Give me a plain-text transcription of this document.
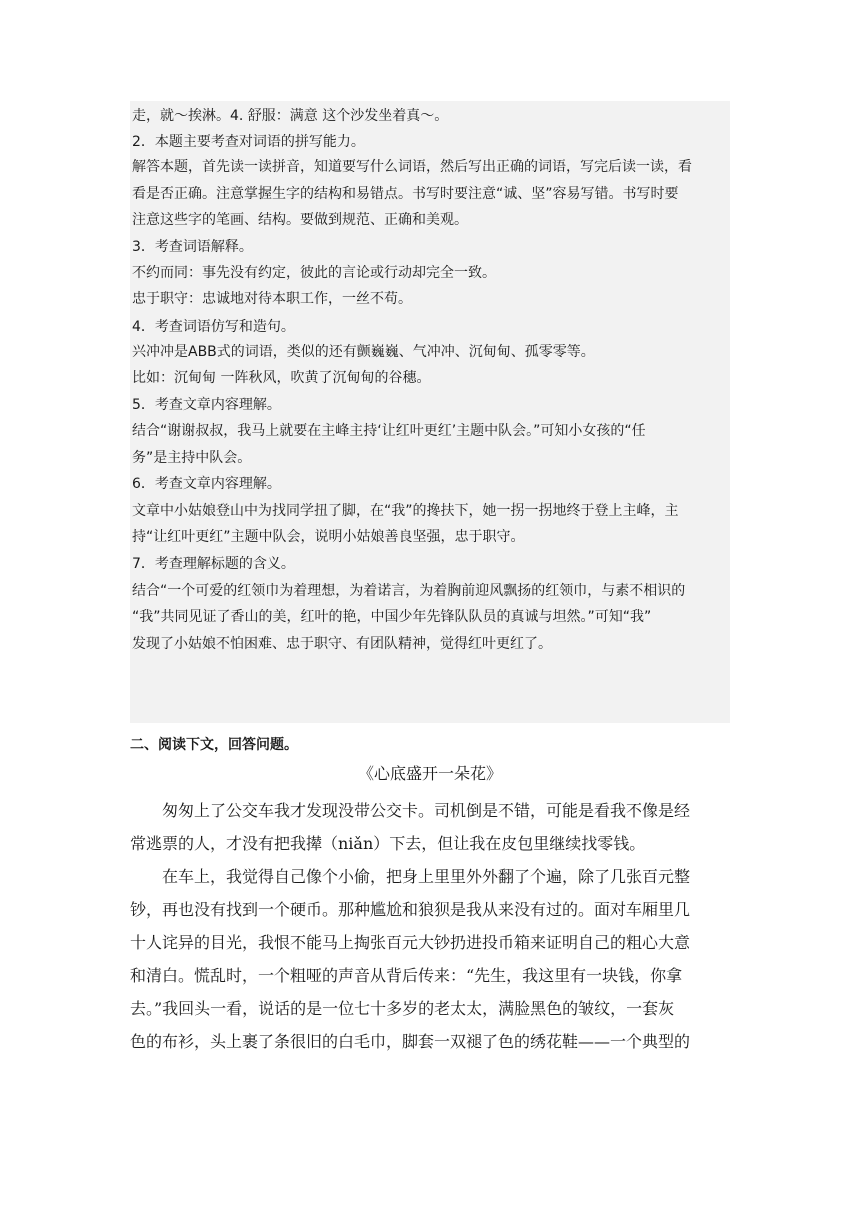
走，就～挨淋。4. 舒服：满意 这个沙发坐着真～。
2．本题主要考查对词语的拼写能力。
解答本题，首先读一读拼音，知道要写什么词语，然后写出正确的词语，写完后读一读，看
看是否正确。注意掌握生字的结构和易错点。书写时要注意“诚、坚”容易写错。书写时要
注意这些字的笔画、结构。要做到规范、正确和美观。
3．考查词语解释。
不约而同：事先没有约定，彼此的言论或行动却完全一致。
忠于职守：忠诚地对待本职工作，一丝不苟。
4．考查词语仿写和造句。
兴冲冲是ABB式的词语，类似的还有颤巍巍、气冲冲、沉甸甸、孤零零等。
比如：沉甸甸 一阵秋风，吹黄了沉甸甸的谷穗。
5．考查文章内容理解。
结合“谢谢叔叔，我马上就要在主峰主持‘让红叶更红’主题中队会。”可知小女孩的“任
务”是主持中队会。
6．考查文章内容理解。
文章中小姑娘登山中为找同学扭了脚，在“我”的搀扶下，她一拐一拐地终于登上主峰，主
持“让红叶更红”主题中队会，说明小姑娘善良坚强，忠于职守。
7．考查理解标题的含义。
结合“一个可爱的红领巾为着理想，为着诺言，为着胸前迎风飘扬的红领巾，与素不相识的
“我”共同见证了香山的美，红叶的艳，中国少年先锋队队员的真诚与坦然。”可知“我”
发现了小姑娘不怕困难、忠于职守、有团队精神，觉得红叶更红了。
二、阅读下文，回答问题。
《心底盛开一朵花》
　　匆匆上了公交车我才发现没带公交卡。司机倒是不错，可能是看我不像是经
常逃票的人，才没有把我撵（niǎn）下去，但让我在皮包里继续找零钱。
　　在车上，我觉得自己像个小偷，把身上里里外外翻了个遍，除了几张百元整
钞，再也没有找到一个硬币。那种尴尬和狼狈是我从来没有过的。面对车厢里几
十人诧异的目光，我恨不能马上掏张百元大钞扔进投币箱来证明自己的粗心大意
和清白。慌乱时，一个粗哑的声音从背后传来：“先生，我这里有一块钱，你拿
去。”我回头一看，说话的是一位七十多岁的老太太，满脸黑色的皱纹，一套灰
色的布衫，头上裹了条很旧的白毛巾，脚套一双褪了色的绣花鞋——一个典型的
